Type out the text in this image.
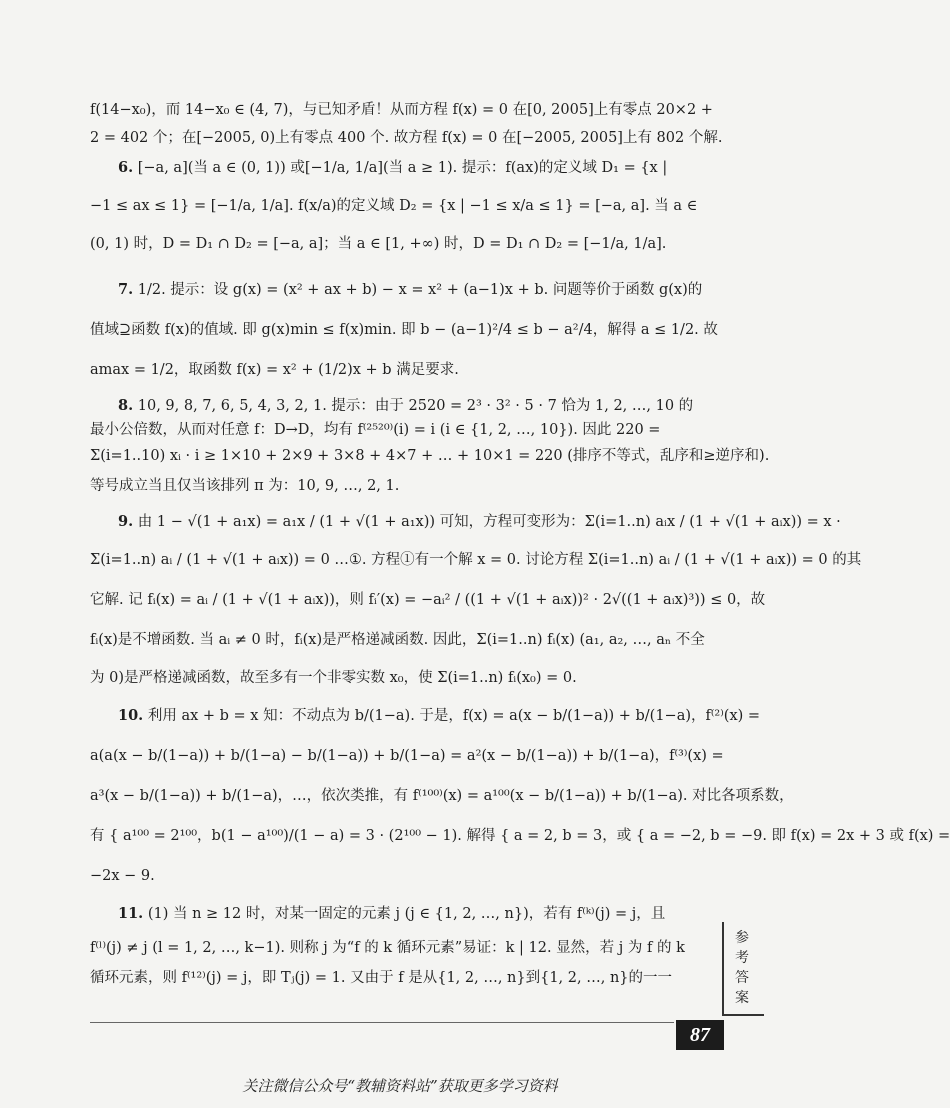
f(14−x₀)，而 14−x₀ ∈ (4, 7)，与已知矛盾！从而方程 f(x) = 0 在[0, 2005]上有零点 20×2 +
2 = 402 个；在[−2005, 0)上有零点 400 个. 故方程 f(x) = 0 在[−2005, 2005]上有 802 个解.
6. [−a, a](当 a ∈ (0, 1)) 或[−1/a, 1/a](当 a ≥ 1). 提示：f(ax)的定义域 D₁ = {x |
−1 ≤ ax ≤ 1} = [−1/a, 1/a]. f(x/a)的定义域 D₂ = {x | −1 ≤ x/a ≤ 1} = [−a, a]. 当 a ∈
(0, 1) 时，D = D₁ ∩ D₂ = [−a, a]；当 a ∈ [1, +∞) 时，D = D₁ ∩ D₂ = [−1/a, 1/a].
7. 1/2. 提示：设 g(x) = (x² + ax + b) − x = x² + (a−1)x + b. 问题等价于函数 g(x)的
值域⊇函数 f(x)的值域. 即 g(x)min ≤ f(x)min. 即 b − (a−1)²/4 ≤ b − a²/4，解得 a ≤ 1/2. 故
amax = 1/2，取函数 f(x) = x² + (1/2)x + b 满足要求.
8. 10, 9, 8, 7, 6, 5, 4, 3, 2, 1. 提示：由于 2520 = 2³ · 3² · 5 · 7 恰为 1, 2, …, 10 的
最小公倍数，从而对任意 f：D→D，均有 f⁽²⁵²⁰⁾(i) = i (i ∈ {1, 2, …, 10}). 因此 220 =
Σ(i=1..10) xᵢ · i ≥ 1×10 + 2×9 + 3×8 + 4×7 + … + 10×1 = 220 (排序不等式，乱序和≥逆序和).
等号成立当且仅当该排列 π 为：10, 9, …, 2, 1.
9. 由 1 − √(1 + a₁x) = a₁x / (1 + √(1 + a₁x)) 可知，方程可变形为：Σ(i=1..n) aᵢx / (1 + √(1 + aᵢx)) = x ·
Σ(i=1..n) aᵢ / (1 + √(1 + aᵢx)) = 0 …①. 方程①有一个解 x = 0. 讨论方程 Σ(i=1..n) aᵢ / (1 + √(1 + aᵢx)) = 0 的其
它解. 记 fᵢ(x) = aᵢ / (1 + √(1 + aᵢx))，则 fᵢ′(x) = −aᵢ² / ((1 + √(1 + aᵢx))² · 2√((1 + aᵢx)³)) ≤ 0，故
fᵢ(x)是不增函数. 当 aᵢ ≠ 0 时，fᵢ(x)是严格递减函数. 因此，Σ(i=1..n) fᵢ(x) (a₁, a₂, …, aₙ 不全
为 0)是严格递减函数，故至多有一个非零实数 x₀，使 Σ(i=1..n) fᵢ(x₀) = 0.
10. 利用 ax + b = x 知：不动点为 b/(1−a). 于是，f(x) = a(x − b/(1−a)) + b/(1−a)，f⁽²⁾(x) =
a(a(x − b/(1−a)) + b/(1−a) − b/(1−a)) + b/(1−a) = a²(x − b/(1−a)) + b/(1−a)，f⁽³⁾(x) =
a³(x − b/(1−a)) + b/(1−a)，…，依次类推，有 f⁽¹⁰⁰⁾(x) = a¹⁰⁰(x − b/(1−a)) + b/(1−a). 对比各项系数，
有 { a¹⁰⁰ = 2¹⁰⁰，b(1 − a¹⁰⁰)/(1 − a) = 3 · (2¹⁰⁰ − 1). 解得 { a = 2, b = 3，或 { a = −2, b = −9. 即 f(x) = 2x + 3 或 f(x) =
−2x − 9.
11. (1) 当 n ≥ 12 时，对某一固定的元素 j (j ∈ {1, 2, …, n})，若有 f⁽ᵏ⁾(j) = j，且
f⁽ˡ⁾(j) ≠ j (l = 1, 2, …, k−1). 则称 j 为“f 的 k 循环元素”易证：k | 12. 显然，若 j 为 f 的 k
循环元素，则 f⁽¹²⁾(j) = j，即 Tⱼ(j) = 1. 又由于 f 是从{1, 2, …, n}到{1, 2, …, n}的一一
参
考
答
案
87
关注微信公众号“教辅资料站”获取更多学习资料
